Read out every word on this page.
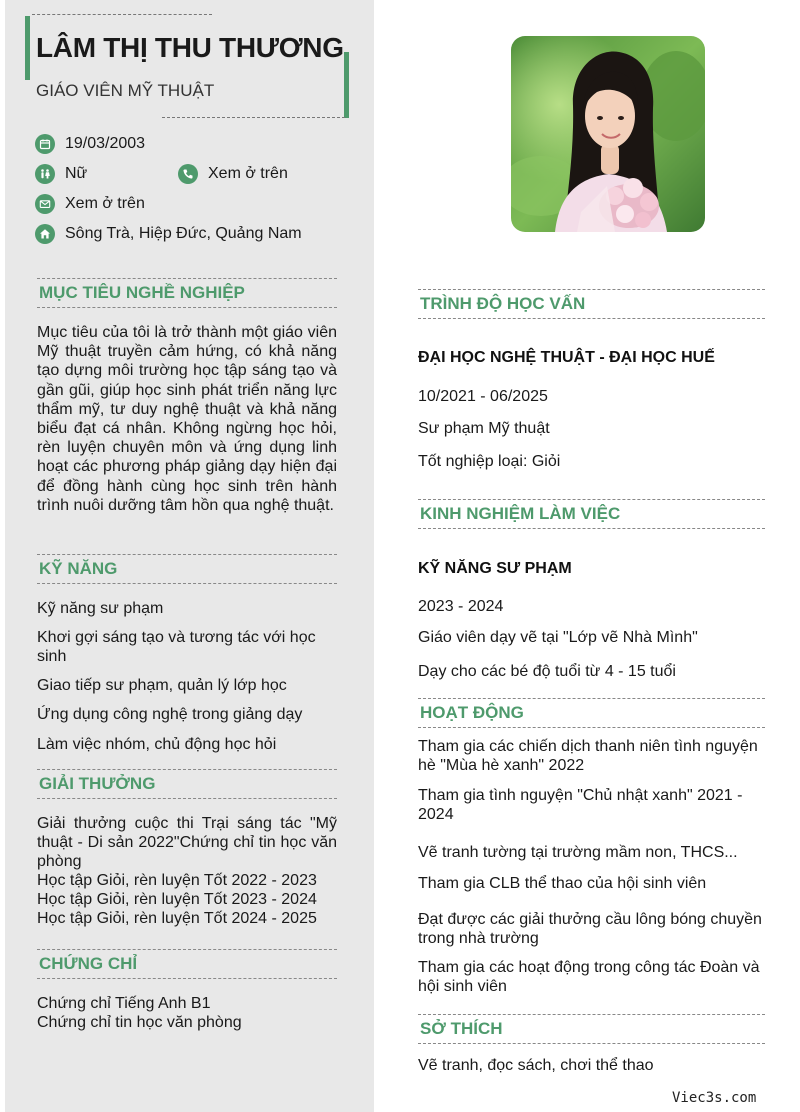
LÂM THỊ THU THƯƠNG
GIÁO VIÊN MỸ THUẬT
19/03/2003
Nữ	Xem ở trên
Xem ở trên
Sông Trà, Hiệp Đức, Quảng Nam
MỤC TIÊU NGHỀ NGHIỆP
Mục tiêu của tôi là trở thành một giáo viên Mỹ thuật truyền cảm hứng, có khả năng tạo dựng môi trường học tập sáng tạo và gần gũi, giúp học sinh phát triển năng lực thẩm mỹ, tư duy nghệ thuật và khả năng biểu đạt cá nhân. Không ngừng học hỏi, rèn luyện chuyên môn và ứng dụng linh hoạt các phương pháp giảng dạy hiện đại để đồng hành cùng học sinh trên hành trình nuôi dưỡng tâm hồn qua nghệ thuật.
KỸ NĂNG
Kỹ năng sư phạm
Khơi gợi sáng tạo và tương tác với học sinh
Giao tiếp sư phạm, quản lý lớp học
Ứng dụng công nghệ trong giảng dạy
Làm việc nhóm, chủ động học hỏi
GIẢI THƯỞNG
Giải thưởng cuộc thi Trại sáng tác "Mỹ thuật - Di sản 2022"Chứng chỉ tin học văn phòng
Học tập Giỏi, rèn luyện Tốt 2022 - 2023
Học tập Giỏi, rèn luyện Tốt 2023 - 2024
Học tập Giỏi, rèn luyện Tốt 2024 - 2025
CHỨNG CHỈ
Chứng chỉ Tiếng Anh B1
Chứng chỉ tin học văn phòng
TRÌNH ĐỘ HỌC VẤN
ĐẠI HỌC NGHỆ THUẬT - ĐẠI HỌC HUẾ
10/2021 - 06/2025
Sư phạm Mỹ thuật
Tốt nghiệp loại: Giỏi
KINH NGHIỆM LÀM VIỆC
KỸ NĂNG SƯ PHẠM
2023 - 2024
Giáo viên dạy vẽ tại "Lớp vẽ Nhà Mình"
Dạy cho các bé độ tuổi từ 4 - 15 tuổi
HOẠT ĐỘNG
Tham gia các chiến dịch thanh niên tình nguyện hè "Mùa hè xanh" 2022
Tham gia tình nguyện "Chủ nhật xanh" 2021 - 2024
Vẽ tranh tường tại trường mầm non, THCS...
Tham gia CLB thể thao của hội sinh viên
Đạt được các giải thưởng cầu lông bóng chuyền trong nhà trường
Tham gia các hoạt động trong công tác Đoàn và hội sinh viên
SỞ THÍCH
Vẽ tranh, đọc sách, chơi thể thao
Viec3s.com
